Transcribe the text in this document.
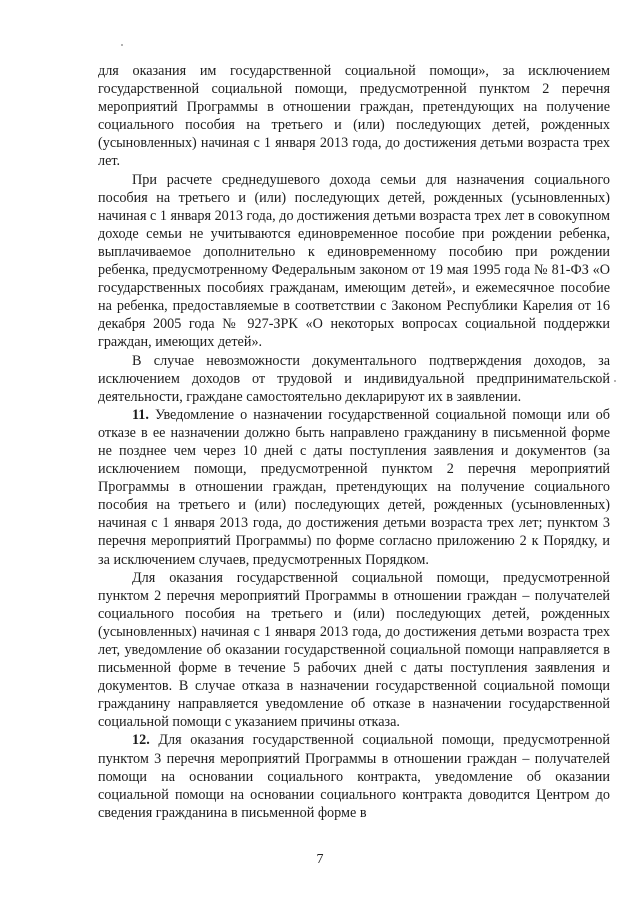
для оказания им государственной социальной помощи», за исключением государственной социальной помощи, предусмотренной пунктом 2 перечня мероприятий Программы в отношении граждан, претендующих на получение социального пособия на третьего и (или) последующих детей, рожденных (усыновленных) начиная с 1 января 2013 года, до достижения детьми возраста трех лет.

При расчете среднедушевого дохода семьи для назначения социального пособия на третьего и (или) последующих детей, рожденных (усыновленных) начиная с 1 января 2013 года, до достижения детьми возраста трех лет в совокупном доходе семьи не учитываются единовременное пособие при рождении ребенка, выплачиваемое дополнительно к единовременному пособию при рождении ребенка, предусмотренному Федеральным законом от 19 мая 1995 года № 81-ФЗ «О государственных пособиях гражданам, имеющим детей», и ежемесячное пособие на ребенка, предоставляемые в соответствии с Законом Республики Карелия от 16 декабря 2005 года № 927-ЗРК «О некоторых вопросах социальной поддержки граждан, имеющих детей».

В случае невозможности документального подтверждения доходов, за исключением доходов от трудовой и индивидуальной предпринимательской деятельности, граждане самостоятельно декларируют их в заявлении.

11. Уведомление о назначении государственной социальной помощи или об отказе в ее назначении должно быть направлено гражданину в письменной форме не позднее чем через 10 дней с даты поступления заявления и документов (за исключением помощи, предусмотренной пунктом 2 перечня мероприятий Программы в отношении граждан, претендующих на получение социального пособия на третьего и (или) последующих детей, рожденных (усыновленных) начиная с 1 января 2013 года, до достижения детьми возраста трех лет; пунктом 3 перечня мероприятий Программы) по форме согласно приложению 2 к Порядку, и за исключением случаев, предусмотренных Порядком.

Для оказания государственной социальной помощи, предусмотренной пунктом 2 перечня мероприятий Программы в отношении граждан – получателей социального пособия на третьего и (или) последующих детей, рожденных (усыновленных) начиная с 1 января 2013 года, до достижения детьми возраста трех лет, уведомление об оказании государственной социальной помощи направляется в письменной форме в течение 5 рабочих дней с даты поступления заявления и документов. В случае отказа в назначении государственной социальной помощи гражданину направляется уведомление об отказе в назначении государственной социальной помощи с указанием причины отказа.

12. Для оказания государственной социальной помощи, предусмотренной пунктом 3 перечня мероприятий Программы в отношении граждан – получателей помощи на основании социального контракта, уведомление об оказании социальной помощи на основании социального контракта доводится Центром до сведения гражданина в письменной форме в

7
